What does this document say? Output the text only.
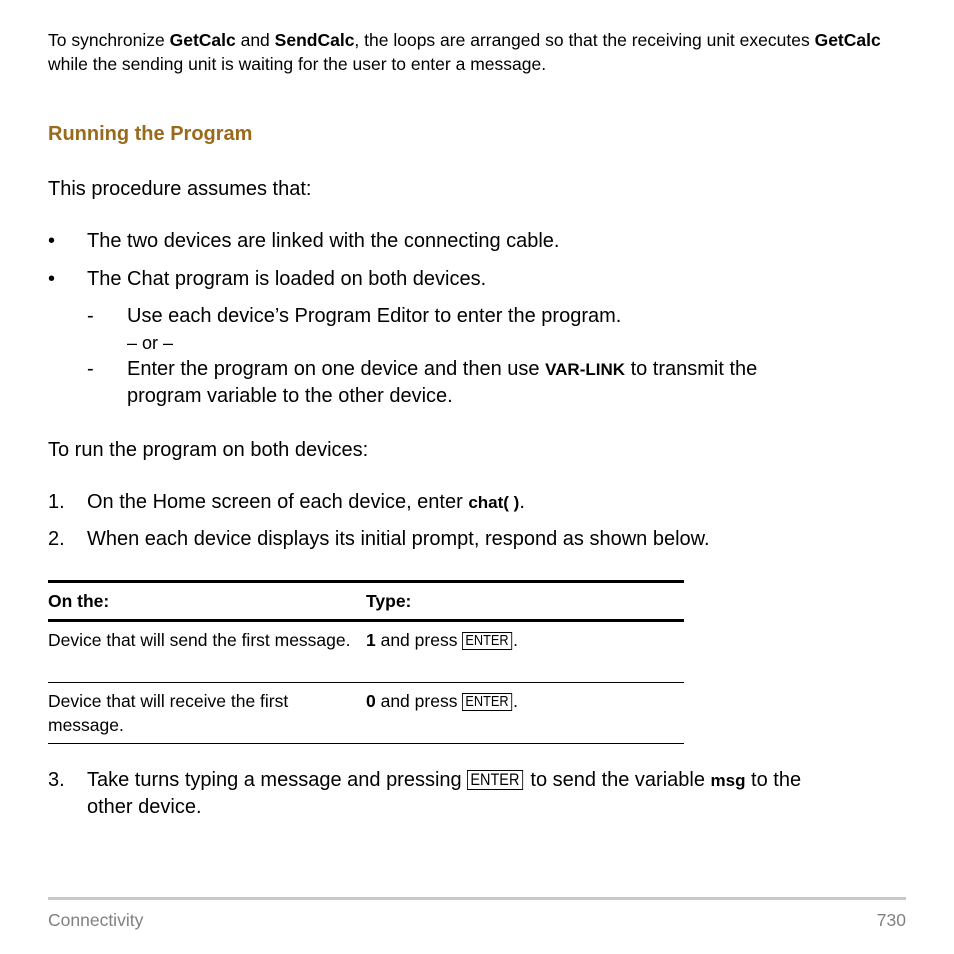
To synchronize GetCalc and SendCalc, the loops are arranged so that the receiving unit executes GetCalc while the sending unit is waiting for the user to enter a message.
Running the Program
This procedure assumes that:
• The two devices are linked with the connecting cable.
• The Chat program is loaded on both devices.
- Use each device’s Program Editor to enter the program.
– or –
- Enter the program on one device and then use VAR-LINK to transmit the
program variable to the other device.
To run the program on both devices:
1. On the Home screen of each device, enter chat( ).
2. When each device displays its initial prompt, respond as shown below.
On the:	Type:
Device that will send the first message.	1 and press ENTER .
Device that will receive the first message.	0 and press ENTER .
3. Take turns typing a message and pressing ENTER to send the variable msg to the
other device.
Connectivity	730
